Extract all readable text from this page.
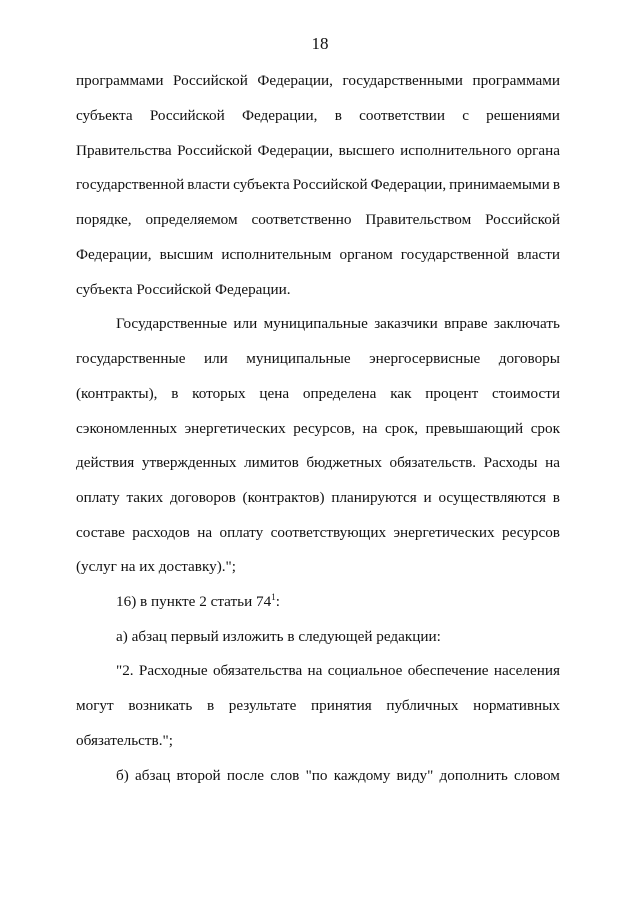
18
программами Российской Федерации, государственными программами
субъекта Российской Федерации, в соответствии с решениями
Правительства Российской Федерации, высшего исполнительного органа
государственной власти субъекта Российской Федерации, принимаемыми в
порядке, определяемом соответственно Правительством Российской
Федерации, высшим исполнительным органом государственной власти
субъекта Российской Федерации.
Государственные или муниципальные заказчики вправе заключать
государственные или муниципальные энергосервисные договоры
(контракты), в которых цена определена как процент стоимости
сэкономленных энергетических ресурсов, на срок, превышающий срок
действия утвержденных лимитов бюджетных обязательств. Расходы на
оплату таких договоров (контрактов) планируются и осуществляются в
составе расходов на оплату соответствующих энергетических ресурсов
(услуг на их доставку).";
16) в пункте 2 статьи $74^1$:
а) абзац первый изложить в следующей редакции:
"2. Расходные обязательства на социальное обеспечение населения
могут возникать в результате принятия публичных нормативных
обязательств.";
б) абзац второй после слов "по каждому виду" дополнить словом
